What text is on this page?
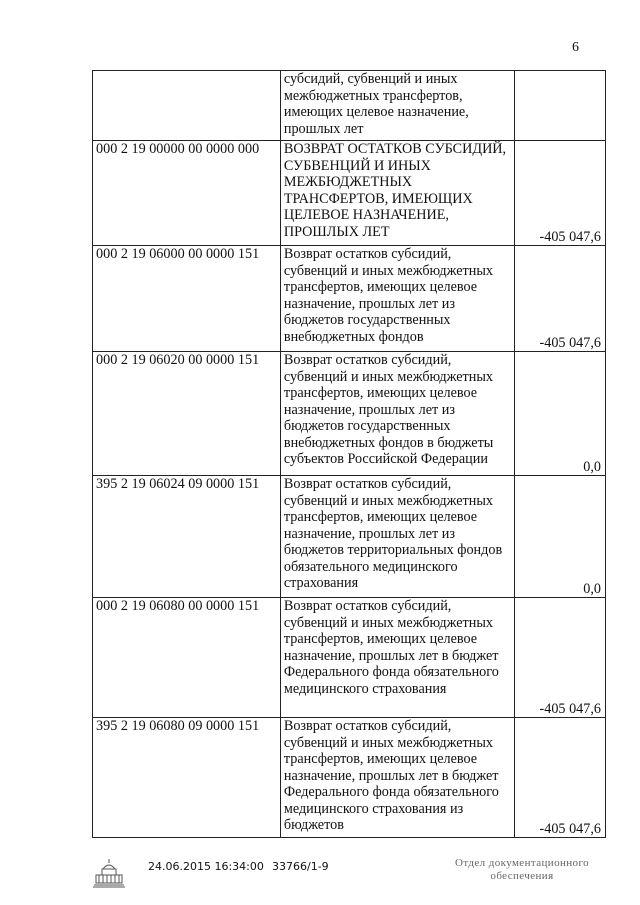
6
	субсидий, субвенций и иных межбюджетных трансфертов, имеющих целевое назначение, прошлых лет	
000 2 19 00000 00 0000 000	ВОЗВРАТ ОСТАТКОВ СУБСИДИЙ, СУБВЕНЦИЙ И ИНЫХ МЕЖБЮДЖЕТНЫХ ТРАНСФЕРТОВ, ИМЕЮЩИХ ЦЕЛЕВОЕ НАЗНАЧЕНИЕ, ПРОШЛЫХ ЛЕТ	-405 047,6
000 2 19 06000 00 0000 151	Возврат остатков субсидий, субвенций и иных межбюджетных трансфертов, имеющих целевое назначение, прошлых лет из бюджетов государственных внебюджетных фондов	-405 047,6
000 2 19 06020 00 0000 151	Возврат остатков субсидий, субвенций и иных межбюджетных трансфертов, имеющих целевое назначение, прошлых лет из бюджетов государственных внебюджетных фондов в бюджеты субъектов Российской Федерации	0,0
395 2 19 06024 09 0000 151	Возврат остатков субсидий, субвенций и иных межбюджетных трансфертов, имеющих целевое назначение, прошлых лет из бюджетов территориальных фондов обязательного медицинского страхования	0,0
000 2 19 06080 00 0000 151	Возврат остатков субсидий, субвенций и иных межбюджетных трансфертов, имеющих целевое назначение, прошлых лет в бюджет Федерального фонда обязательного медицинского страхования	-405 047,6
395 2 19 06080 09 0000 151	Возврат остатков субсидий, субвенций и иных межбюджетных трансфертов, имеющих целевое назначение, прошлых лет в бюджет Федерального фонда обязательного медицинского страхования из бюджетов	-405 047,6
24.06.2015 16:34:00 33766/1-9	Отдел документационного
обеспечения
